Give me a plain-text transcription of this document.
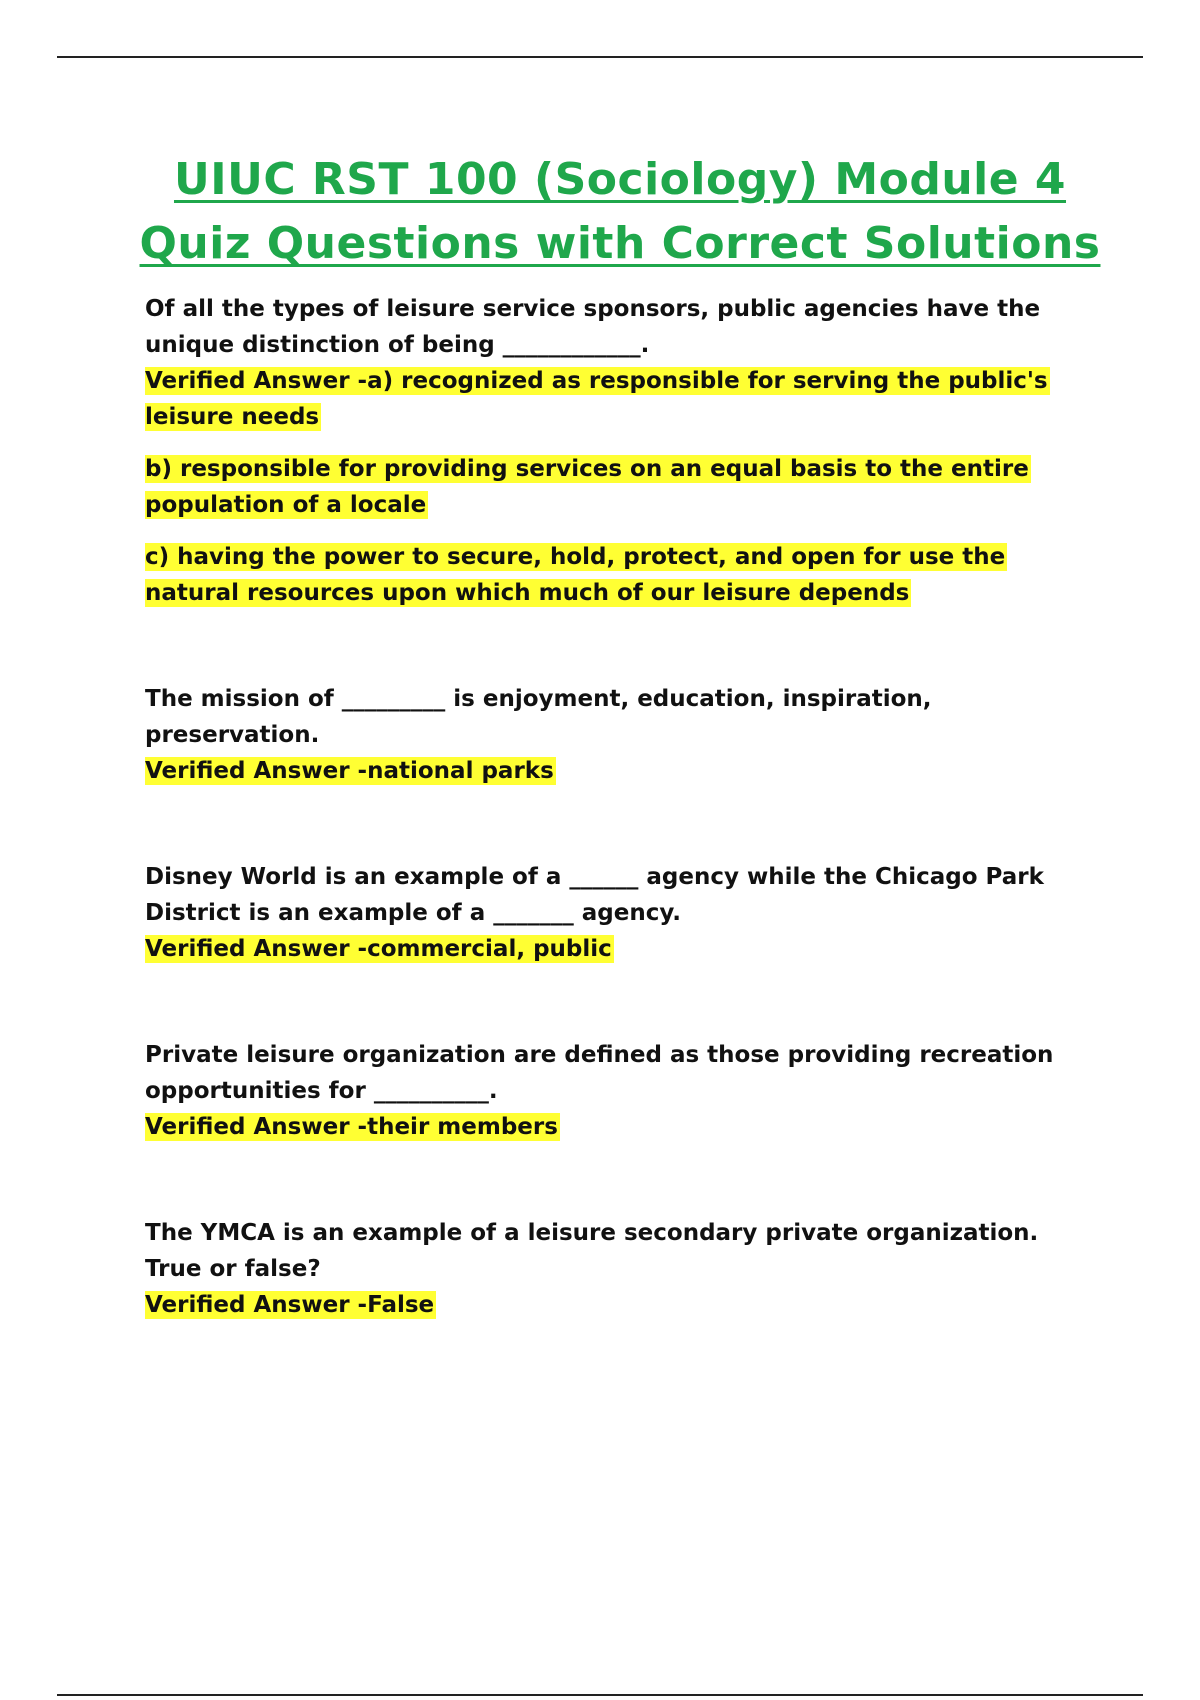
UIUC RST 100 (Sociology) Module 4
Quiz Questions with Correct Solutions
Of all the types of leisure service sponsors, public agencies have the unique distinction of being ____________.
Verified Answer -a) recognized as responsible for serving the public's leisure needs
b) responsible for providing services on an equal basis to the entire population of a locale
c) having the power to secure, hold, protect, and open for use the natural resources upon which much of our leisure depends
The mission of _________ is enjoyment, education, inspiration, preservation.
Verified Answer -national parks
Disney World is an example of a ______ agency while the Chicago Park District is an example of a _______ agency.
Verified Answer -commercial, public
Private leisure organization are defined as those providing recreation opportunities for __________.
Verified Answer -their members
The YMCA is an example of a leisure secondary private organization. True or false?
Verified Answer -False
